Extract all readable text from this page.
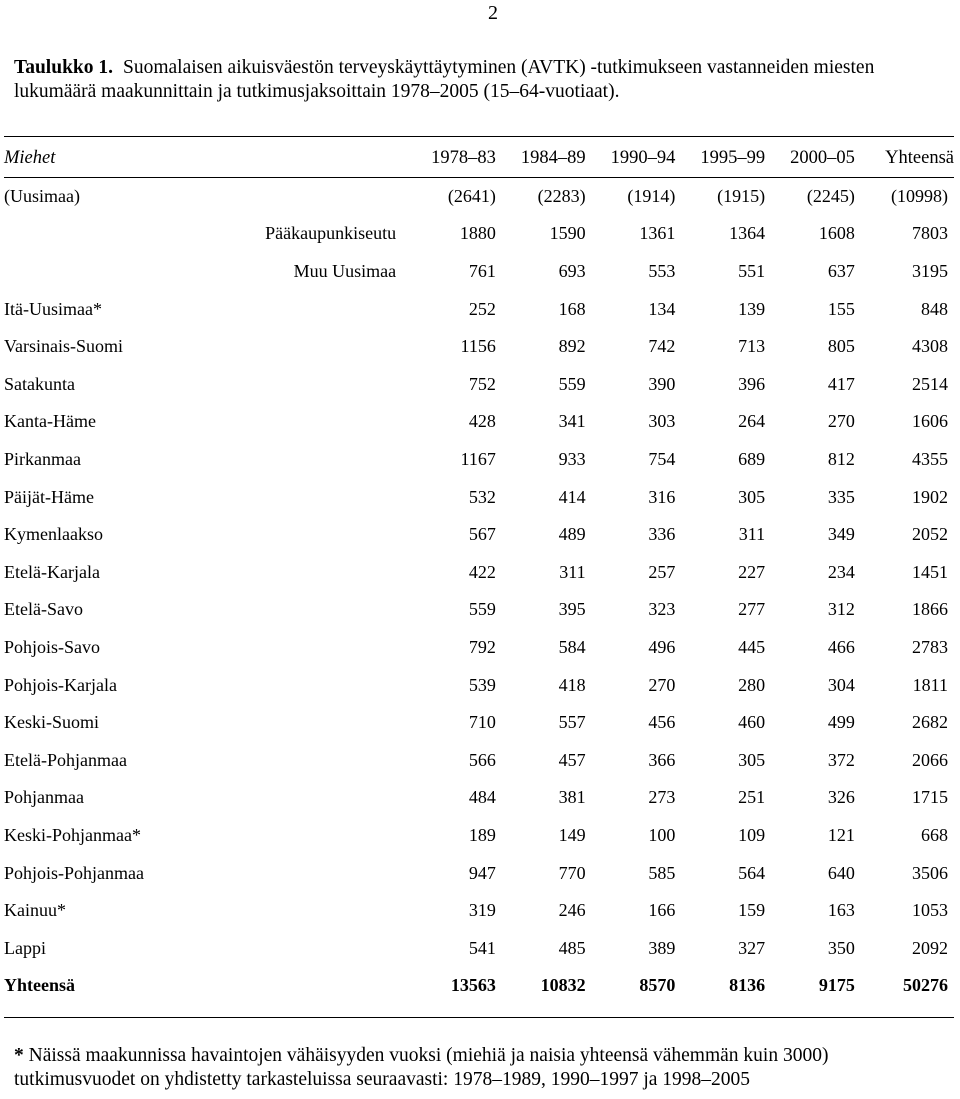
2
Taulukko 1. Suomalaisen aikuisväestön terveyskäyttäytyminen (AVTK) -tutkimukseen vastanneiden miesten lukumäärä maakunnittain ja tutkimusjaksoittain 1978–2005 (15–64-vuotiaat).
Miehet	1978–83	1984–89	1990–94	1995–99	2000–05	Yhteensä
(Uusimaa)	(2641)	(2283)	(1914)	(1915)	(2245)	(10998)
Pääkaupunkiseutu	1880	1590	1361	1364	1608	7803
Muu Uusimaa	761	693	553	551	637	3195
Itä-Uusimaa*	252	168	134	139	155	848
Varsinais-Suomi	1156	892	742	713	805	4308
Satakunta	752	559	390	396	417	2514
Kanta-Häme	428	341	303	264	270	1606
Pirkanmaa	1167	933	754	689	812	4355
Päijät-Häme	532	414	316	305	335	1902
Kymenlaakso	567	489	336	311	349	2052
Etelä-Karjala	422	311	257	227	234	1451
Etelä-Savo	559	395	323	277	312	1866
Pohjois-Savo	792	584	496	445	466	2783
Pohjois-Karjala	539	418	270	280	304	1811
Keski-Suomi	710	557	456	460	499	2682
Etelä-Pohjanmaa	566	457	366	305	372	2066
Pohjanmaa	484	381	273	251	326	1715
Keski-Pohjanmaa*	189	149	100	109	121	668
Pohjois-Pohjanmaa	947	770	585	564	640	3506
Kainuu*	319	246	166	159	163	1053
Lappi	541	485	389	327	350	2092
Yhteensä	13563	10832	8570	8136	9175	50276
* Näissä maakunnissa havaintojen vähäisyyden vuoksi (miehiä ja naisia yhteensä vähemmän kuin 3000)
tutkimusvuodet on yhdistetty tarkasteluissa seuraavasti: 1978–1989, 1990–1997 ja 1998–2005
